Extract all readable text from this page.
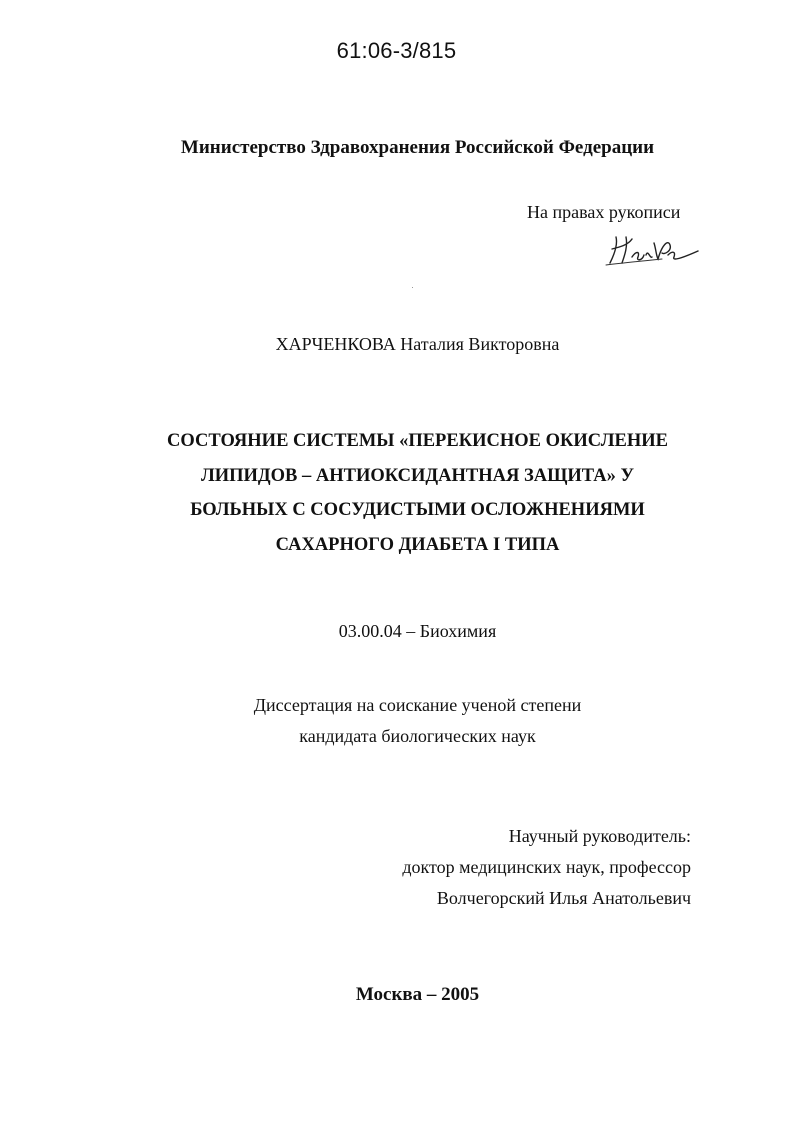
61:06-3/815
Министерство Здравохранения Российской Федерации
На правах рукописи
ХАРЧЕНКОВА Наталия Викторовна
СОСТОЯНИЕ СИСТЕМЫ «ПЕРЕКИСНОЕ ОКИСЛЕНИЕ
ЛИПИДОВ – АНТИОКСИДАНТНАЯ ЗАЩИТА» У
БОЛЬНЫХ С СОСУДИСТЫМИ ОСЛОЖНЕНИЯМИ
САХАРНОГО ДИАБЕТА I ТИПА
03.00.04 – Биохимия
Диссертация на соискание ученой степени
кандидата биологических наук
Научный руководитель:
доктор медицинских наук, профессор
Волчегорский Илья Анатольевич
Москва – 2005
